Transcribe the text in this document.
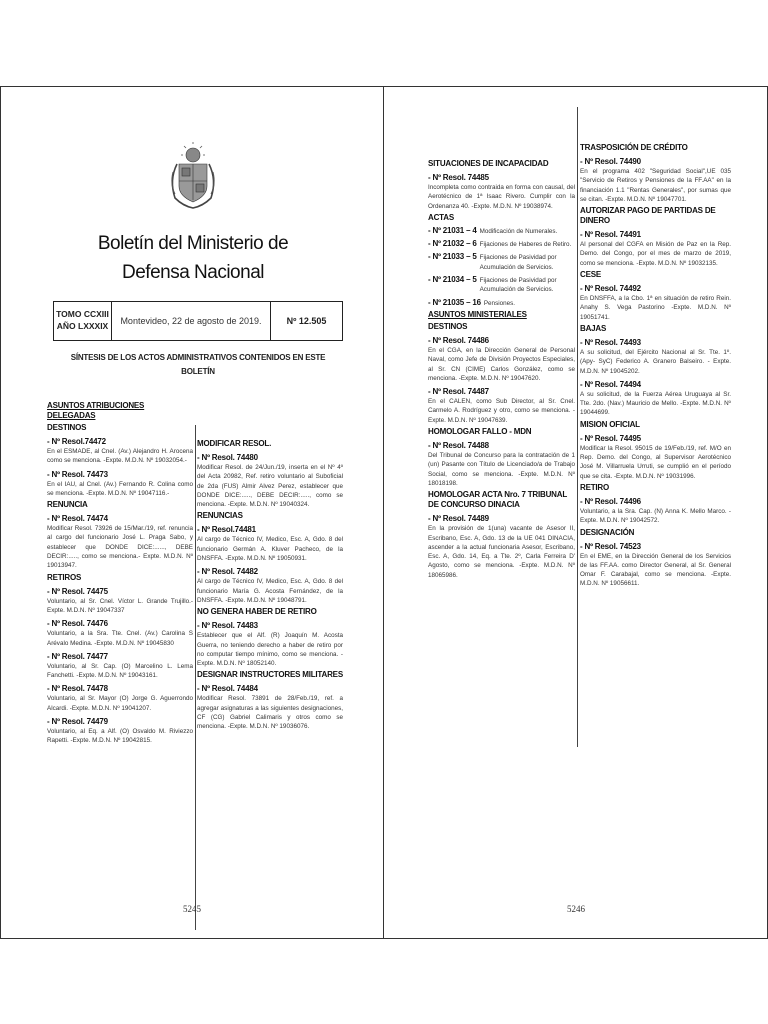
Boletín del Ministerio de Defensa Nacional
TOMO CCXIII
AÑO LXXXIX	Montevideo, 22 de agosto de 2019.	Nº 12.505
SÍNTESIS DE LOS ACTOS ADMINISTRATIVOS CONTENIDOS EN ESTE BOLETÍN
ASUNTOS ATRIBUCIONES DELEGADAS
DESTINOS
- Nº Resol.74472
En el ESMADE, al Cnel. (Av.) Alejandro H. Arocena como se menciona. -Expte. M.D.N. Nº 19032054.-
- Nº Resol. 74473
En el IAU, al Cnel. (Av.) Fernando R. Colina como se menciona. -Expte. M.D.N. Nº 19047116.-
RENUNCIA
- Nº Resol. 74474
Modificar Resol. 73926 de 15/Mar./19, ref. renuncia al cargo del funcionario José L. Praga Sabo, y establecer que DONDE DICE:......, DEBE DECIR:....., como se menciona.- Expte. M.D.N. Nº 19013947.
RETIROS
- Nº Resol. 74475
Voluntario, al Sr. Cnel. Víctor L. Grande Trujillo.- Expte. M.D.N. Nº 19047337
- Nº Resol. 74476
Voluntario, a la Sra. Tte. Cnel. (Av.) Carolina S Arévalo Medina. -Expte. M.D.N. Nº 19045830
- Nº Resol. 74477
Voluntario, al Sr. Cap. (O) Marcelino L. Lema Fanchetti. -Expte. M.D.N. Nº 19043161.
- Nº Resol. 74478
Voluntario, al Sr. Mayor (O) Jorge G. Aguerrondo Alcardi. -Expte. M.D.N. Nº 19041207.
- Nº Resol. 74479
Voluntario, al Eq. a Alf. (O) Osvaldo M. Riviezzo Rapetti. -Expte. M.D.N. Nº 19042815.
MODIFICAR RESOL.
- Nº Resol. 74480
Modificar Resol. de 24/Jun./19, inserta en el Nº 4º del Acta 20982, Ref. retiro voluntario al Suboficial de 2da (FUS) Almir Alvez Perez, establecer que DONDE DICE:....., DEBE DECIR:....., como se menciona. -Expte. M.D.N. Nº 19040324.
RENUNCIAS
- Nº Resol.74481
Al cargo de Técnico IV, Medico, Esc. A, Gdo. 8 del funcionario Germán A. Kluver Pacheco, de la DNSFFA. -Expte. M.D.N. Nº 19050931.
- Nº Resol. 74482
Al cargo de Técnico IV, Medico, Esc. A, Gdo. 8 del funcionario María G. Acosta Fernández, de la DNSFFA. -Expte. M.D.N. Nº 19048791.
NO GENERA HABER DE RETIRO
- Nº Resol. 74483
Establecer que el Alf. (R) Joaquín M. Acosta Guerra, no teniendo derecho a haber de retiro por no computar tiempo mínimo, como se menciona. -Expte. M.D.N. Nº 18052140.
DESIGNAR INSTRUCTORES MILITARES
- Nº Resol. 74484
Modificar Resol. 73891 de 28/Feb./19, ref. a agregar asignaturas a las siguientes designaciones, CF (CG) Gabriel Calimaris y otros como se menciona. -Expte. M.D.N. Nº 19036076.
5245
SITUACIONES DE INCAPACIDAD
- Nº Resol. 74485
Incompleta como contraida en forma con causal, del Aerotécnico de 1ª Isaac Rivero. Cumplir con la Ordenanza 40. -Expte. M.D.N. Nº 19038974.
ACTAS
- Nº 21031 – 4 Modificación de Numerales.
- Nº 21032 – 6 Fijaciones de Haberes de Retiro.
- Nº 21033 – 5 Fijaciones de Pasividad por Acumulación de Servicios.
- Nº 21034 – 5 Fijaciones de Pasividad por Acumulación de Servicios.
- Nº 21035 – 16 Pensiones.
ASUNTOS MINISTERIALES
DESTINOS
- Nº Resol. 74486
En el CGA, en la Dirección General de Personal Naval, como Jefe de División Proyectos Especiales, al Sr. CN (CIME) Carlos González, como se menciona. -Expte. M.D.N. Nº 19047620.
- Nº Resol. 74487
En el CALEN, como Sub Director, al Sr. Cnel. Carmelo A. Rodríguez y otro, como se menciona. -Expte. M.D.N. Nº 19047639.
HOMOLOGAR FALLO - MDN
- Nº Resol. 74488
Del Tribunal de Concurso para la contratación de 1 (un) Pasante con Título de Licenciado/a de Trabajo Social, como se menciona. -Expte. M.D.N. Nº 18018198.
HOMOLOGAR ACTA Nro. 7 TRIBUNAL DE CONCURSO DINACIA
- Nº Resol. 74489
En la provisión de 1(una) vacante de Asesor II, Escribano, Esc. A, Gdo. 13 de la UE 041 DINACIA, ascender a la actual funcionaria Asesor, Escribano, Esc. A, Gdo. 14, Eq. a Tte. 2º, Carla Ferreira D' Agosto, como se menciona. -Expte. M.D.N. Nº 18065986.
TRASPOSICIÓN DE CRÉDITO
- Nº Resol. 74490
En el programa 402 "Seguridad Social",UE 035 "Servicio de Retiros y Pensiones de la FF.AA" en la financiación 1.1 "Rentas Generales", por sumas que se citan. -Expte. M.D.N. Nº 19047701.
AUTORIZAR PAGO DE PARTIDAS DE DINERO
- Nº Resol. 74491
Al personal del CGFA en Misión de Paz en la Rep. Demo. del Congo, por el mes de marzo de 2019, como se menciona. -Expte. M.D.N. Nº 19032135.
CESE
- Nº Resol. 74492
En DNSFFA, a la Cbo. 1ª en situación de retiro Rein. Anahy S. Vega Pastorino -Expte. M.D.N. Nº 19051741.
BAJAS
- Nº Resol. 74493
A su solicitud, del Ejército Nacional al Sr. Tte. 1º. (Apy- SyC) Federico A. Granero Balseiro. - Expte. M.D.N. Nº 19045202.
- Nº Resol. 74494
A su solicitud, de la Fuerza Aérea Uruguaya al Sr. Tte. 2do. (Nav.) Mauricio de Mello. -Expte. M.D.N. Nº 19044699.
MISION OFICIAL
- Nº Resol. 74495
Modificar la Resol. 95015 de 19/Feb./19, ref. M/O en Rep. Demo. del Congo, al Supervisor Aerotécnico José M. Villarruela Urruti, se cumplió en el período que se cita. -Expte. M.D.N. Nº 19031996.
RETIRO
- Nº Resol. 74496
Voluntario, a la Sra. Cap. (N) Anna K. Mello Marco. -Expte. M.D.N. Nº 19042572.
DESIGNACIÓN
- Nº Resol. 74523
En el EME, en la Dirección General de los Servicios de las FF.AA. como Director General, al Sr. General Omar F. Carabajal, como se menciona. -Expte. M.D.N. Nº 19056611.
5246
